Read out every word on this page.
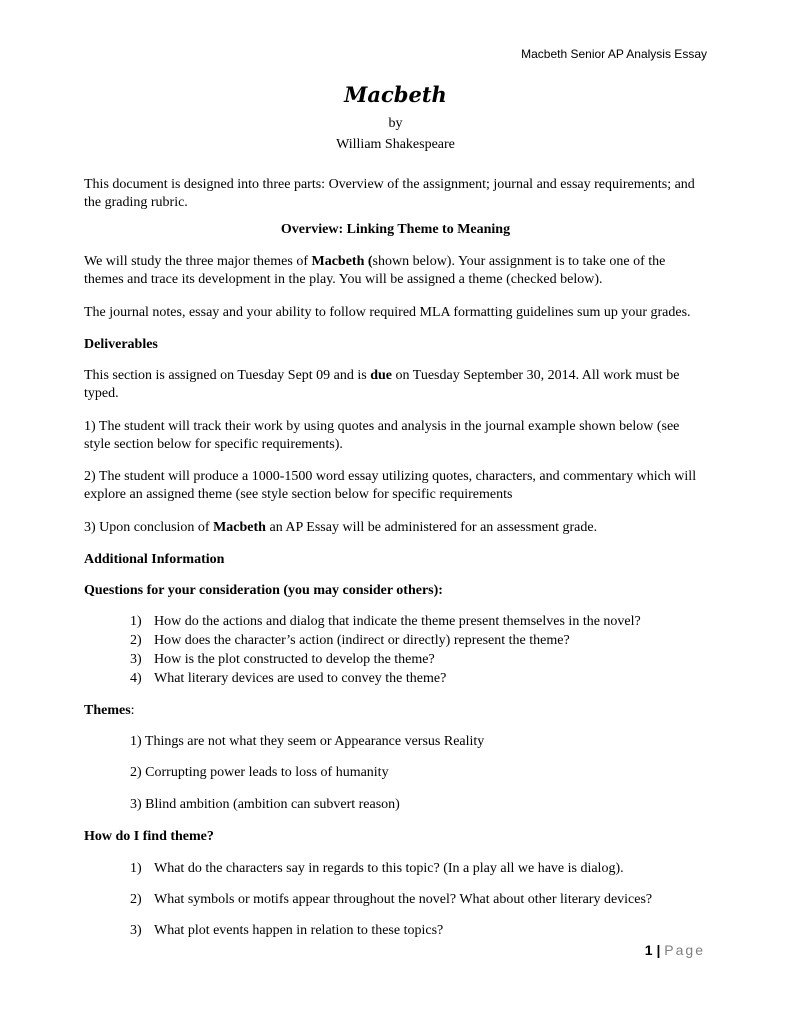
Macbeth Senior AP Analysis Essay
Macbeth
by
William Shakespeare

This document is designed into three parts: Overview of the assignment; journal and essay requirements; and the grading rubric.

Overview: Linking Theme to Meaning

We will study the three major themes of Macbeth (shown below). Your assignment is to take one of the themes and trace its development in the play. You will be assigned a theme (checked below).

The journal notes, essay and your ability to follow required MLA formatting guidelines sum up your grades.

Deliverables

This section is assigned on Tuesday Sept 09 and is due on Tuesday September 30, 2014. All work must be typed.

1) The student will track their work by using quotes and analysis in the journal example shown below (see style section below for specific requirements).

2) The student will produce a 1000-1500 word essay utilizing quotes, characters, and commentary which will explore an assigned theme (see style section below for specific requirements

3) Upon conclusion of Macbeth an AP Essay will be administered for an assessment grade.

Additional Information
Questions for your consideration (you may consider others):
1) How do the actions and dialog that indicate the theme present themselves in the novel?
2) How does the character’s action (indirect or directly) represent the theme?
3) How is the plot constructed to develop the theme?
4) What literary devices are used to convey the theme?
Themes:
1) Things are not what they seem or Appearance versus Reality
2) Corrupting power leads to loss of humanity
3) Blind ambition (ambition can subvert reason)
How do I find theme?
1) What do the characters say in regards to this topic? (In a play all we have is dialog).
2) What symbols or motifs appear throughout the novel? What about other literary devices?
3) What plot events happen in relation to these topics?
1 | Page
